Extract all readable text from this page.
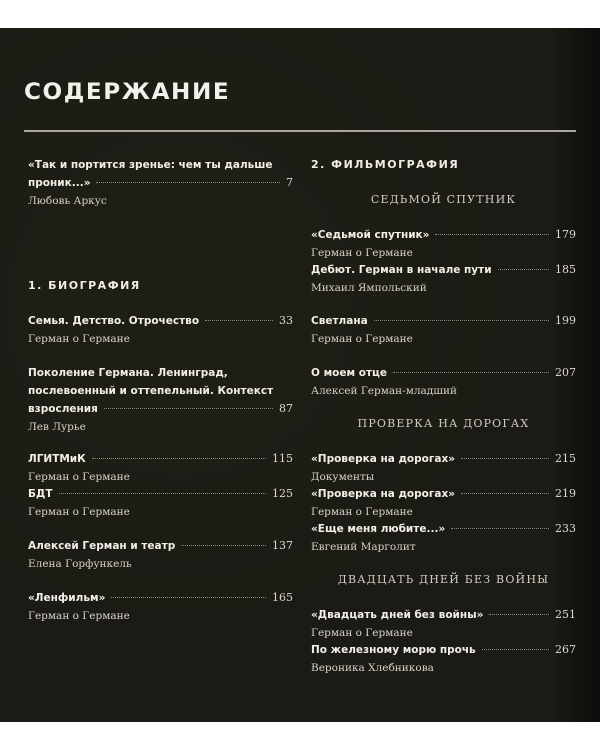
СОДЕРЖАНИЕ
«Так и портится зренье: чем ты дальше
проник...»	7
Любовь Аркус
1. БИОГРАФИЯ
Семья. Детство. Отрочество	33
Герман о Германе
Поколение Германа. Ленинград,
послевоенный и оттепельный. Контекст
взросления	87
Лев Лурье
ЛГИТМиК	115
Герман о Германе
БДТ	125
Герман о Германе
Алексей Герман и театр	137
Елена Горфункель
«Ленфильм»	165
Герман о Германе
2. ФИЛЬМОГРАФИЯ
СЕДЬМОЙ СПУТНИК
«Седьмой спутник»	179
Герман о Германе
Дебют. Герман в начале пути	185
Михаил Ямпольский
Светлана	199
Герман о Германе
О моем отце	207
Алексей Герман-младший
ПРОВЕРКА НА ДОРОГАХ
«Проверка на дорогах»	215
Документы
«Проверка на дорогах»	219
Герман о Германе
«Еще меня любите...»	233
Евгений Марголит
ДВАДЦАТЬ ДНЕЙ БЕЗ ВОЙНЫ
«Двадцать дней без войны»	251
Герман о Германе
По железному морю прочь	267
Вероника Хлебникова
